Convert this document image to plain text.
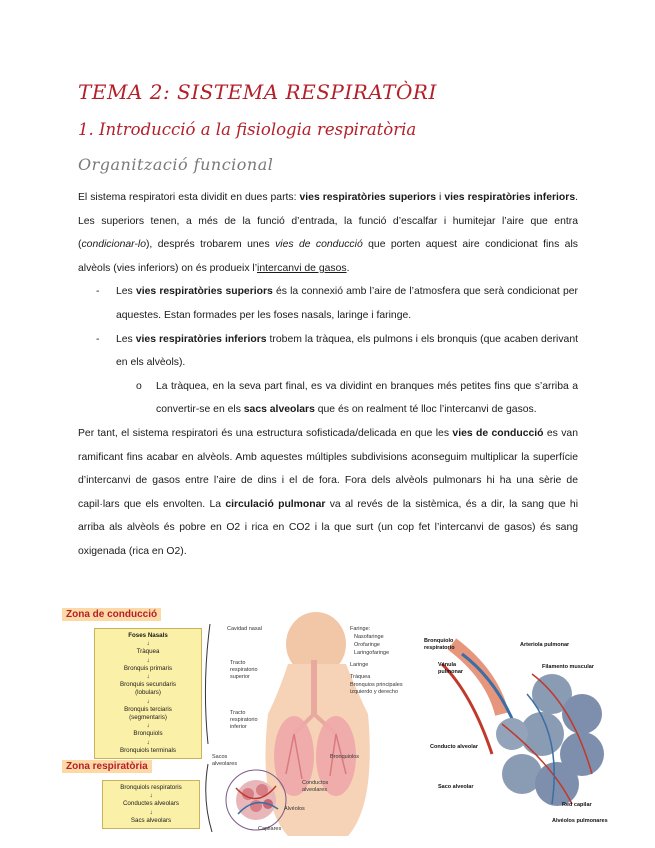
TEMA 2: SISTEMA RESPIRATÒRI
1. Introducció a la fisiologia respiratòria
Organització funcional

El sistema respiratori esta dividit en dues parts: vies respiratòries superiors i vies respiratòries inferiors. Les superiors tenen, a més de la funció d’entrada, la funció d’escalfar i humitejar l’aire que entra (condicionar-lo), després trobarem unes vies de conducció que porten aquest aire condicionat fins als alvèols (vies inferiors) on és produeix l’intercanvi de gasos.

- Les vies respiratòries superiors és la connexió amb l’aire de l’atmosfera que serà condicionat per aquestes. Estan formades per les foses nasals, laringe i faringe.

- Les vies respiratòries inferiors trobem la tràquea, els pulmons i els bronquis (que acaben derivant en els alvèols).

o La tràquea, en la seva part final, es va dividint en branques més petites fins que s’arriba a convertir-se en els sacs alveolars que és on realment té lloc l’intercanvi de gasos.

Per tant, el sistema respiratori és una estructura sofisticada/delicada en que les vies de conducció es van ramificant fins acabar en alvèols. Amb aquestes múltiples subdivisions aconseguim multiplicar la superfície d’intercanvi de gasos entre l’aire de dins i el de fora. Fora dels alvèols pulmonars hi ha una sèrie de capil·lars que els envolten. La circulació pulmonar va al revés de la sistèmica, és a dir, la sang que hi arriba als alvèols és pobre en O2 i rica en CO2 i la que surt (un cop fet l’intercanvi de gasos) és sang oxigenada (rica en O2).

Zona de conducció
Foses Nasals
↓
Tràquea
↓
Bronquis primaris
↓
Bronquis secundaris
(lobulars)
↓
Bronquis terciaris
(segmentaris)
↓
Bronquiols
↓
Bronquiols terminals
Zona respiratòria
Bronquiols respiratoris
↓
Conductes alveolars
↓
Sacs alveolars
Cavidad nasal	Faringe:
Nasofaringe
Orofaringe
Laringofaringe
Laringe
Tráquea
Bronquios principales
izquierdo y derecho
Tracto
respiratorio
superior
Tracto
respiratorio
inferior
Bronquiolos
Sacos
alveolares
Conductos
alveolares
Alvéolos
Capilares
Bronquiolo
respiratorio	Arteriola pulmonar
Vénula
pulmonar
Filamento muscular
Conducto alveolar
Saco alveolar
Red capilar
Alvéolos pulmonares
